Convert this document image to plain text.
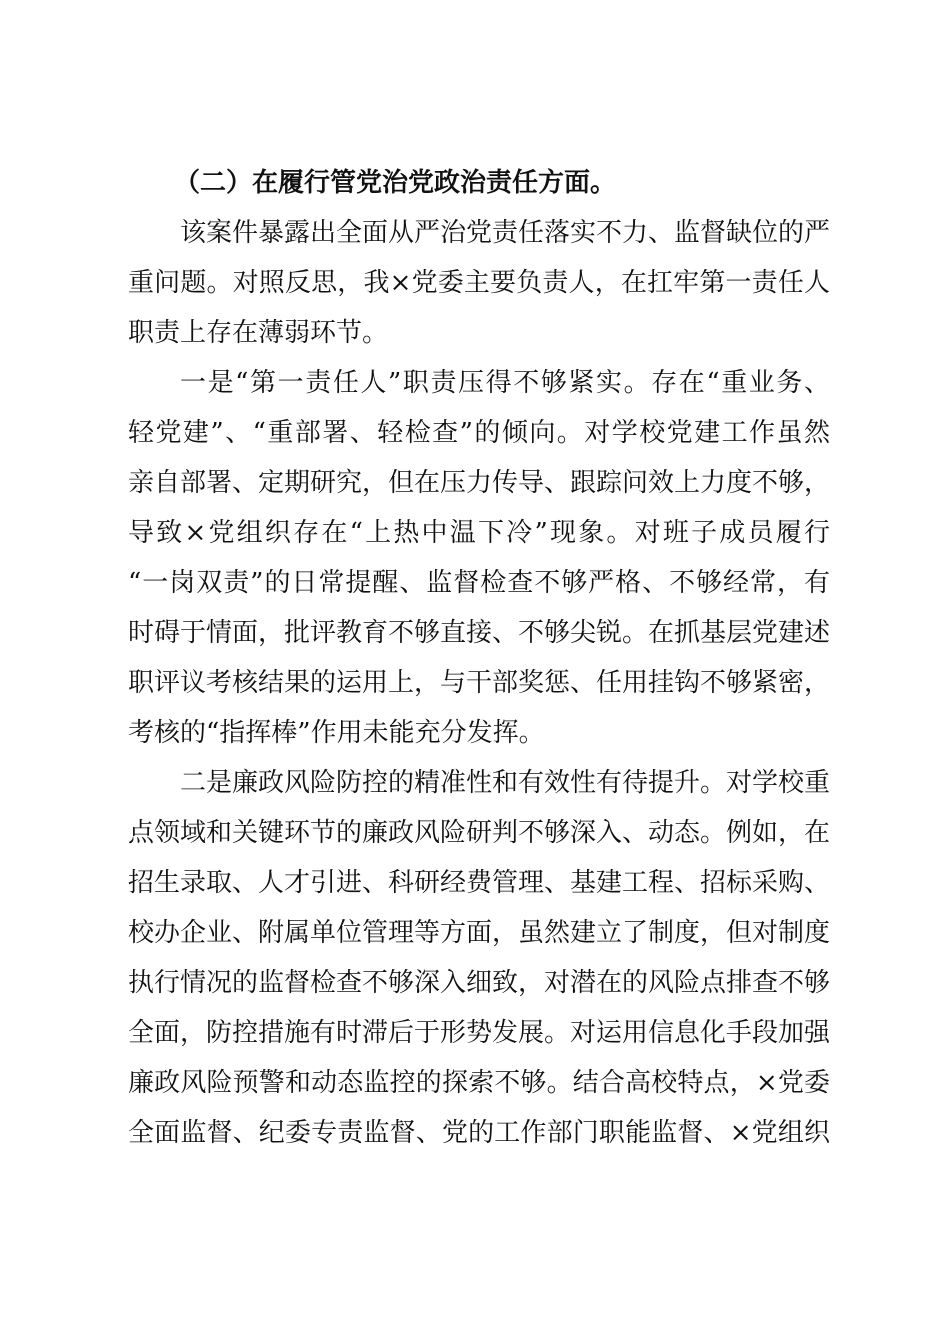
（二）在履行管党治党政治责任方面。
该案件暴露出全面从严治党责任落实不力、监督缺位的严
重问题。对照反思，我×党委主要负责人，在扛牢第一责任人
职责上存在薄弱环节。
一是“第一责任人”职责压得不够紧实。存在“重业务、
轻党建”、“重部署、轻检查”的倾向。对学校党建工作虽然
亲自部署、定期研究，但在压力传导、跟踪问效上力度不够，
导致×党组织存在“上热中温下冷”现象。对班子成员履行
“一岗双责”的日常提醒、监督检查不够严格、不够经常，有
时碍于情面，批评教育不够直接、不够尖锐。在抓基层党建述
职评议考核结果的运用上，与干部奖惩、任用挂钩不够紧密，
考核的“指挥棒”作用未能充分发挥。
二是廉政风险防控的精准性和有效性有待提升。对学校重
点领域和关键环节的廉政风险研判不够深入、动态。例如，在
招生录取、人才引进、科研经费管理、基建工程、招标采购、
校办企业、附属单位管理等方面，虽然建立了制度，但对制度
执行情况的监督检查不够深入细致，对潜在的风险点排查不够
全面，防控措施有时滞后于形势发展。对运用信息化手段加强
廉政风险预警和动态监控的探索不够。结合高校特点，×党委
全面监督、纪委专责监督、党的工作部门职能监督、×党组织
